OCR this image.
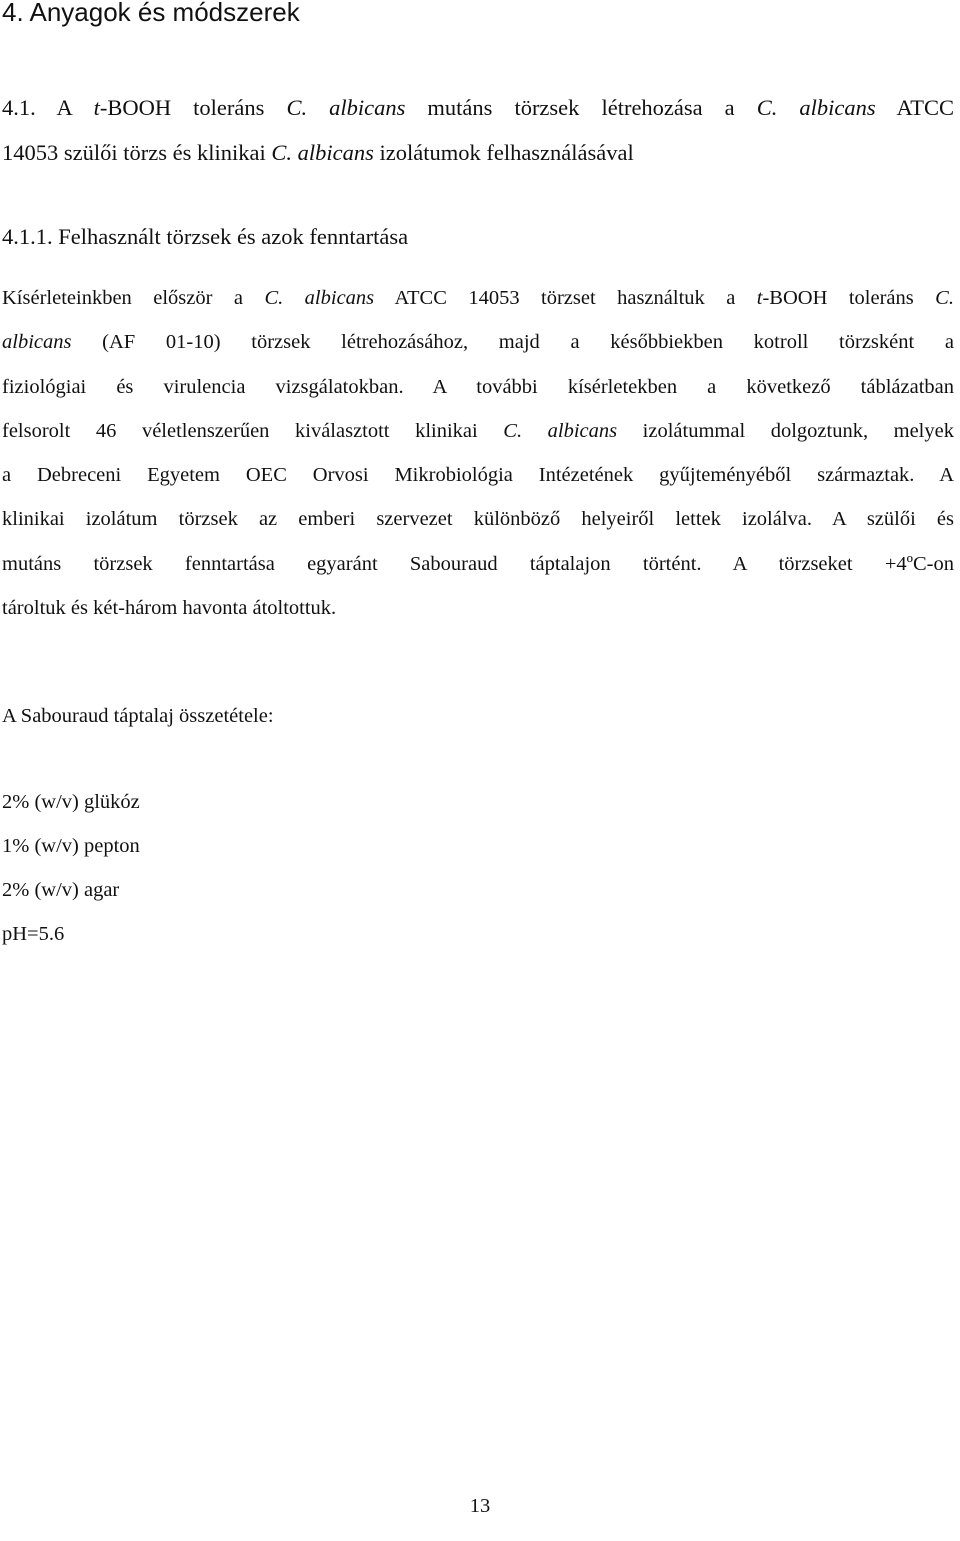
4. Anyagok és módszerek
4.1. A t-BOOH toleráns C. albicans mutáns törzsek létrehozása a C. albicans ATCC
14053 szülői törzs és klinikai C. albicans izolátumok felhasználásával
4.1.1. Felhasznált törzsek és azok fenntartása
Kísérleteinkben először a C. albicans ATCC 14053 törzset használtuk a t-BOOH toleráns C.
albicans (AF 01-10) törzsek létrehozásához, majd a későbbiekben kotroll törzsként a
fiziológiai és virulencia vizsgálatokban. A további kísérletekben a következő táblázatban
felsorolt 46 véletlenszerűen kiválasztott klinikai C. albicans izolátummal dolgoztunk, melyek
a Debreceni Egyetem OEC Orvosi Mikrobiológia Intézetének gyűjteményéből származtak. A
klinikai izolátum törzsek az emberi szervezet különböző helyeiről lettek izolálva. A szülői és
mutáns törzsek fenntartása egyaránt Sabouraud táptalajon történt. A törzseket +4ºC-on
tároltuk és két-három havonta átoltottuk.
A Sabouraud táptalaj összetétele:
2% (w/v) glükóz
1% (w/v) pepton
2% (w/v) agar
pH=5.6
13
